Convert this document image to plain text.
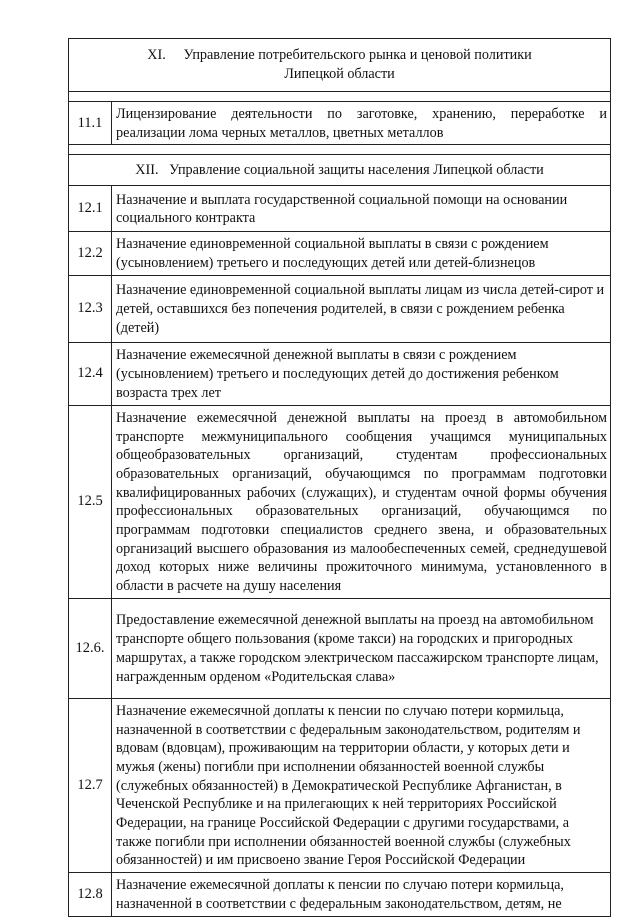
XI.     Управление потребительского рынка и ценовой политики
Липецкой области	

11.1	Лицензирование деятельности по заготовке, хранению, переработке и реализации лома черных металлов, цветных металлов

XII.   Управление социальной защиты населения Липецкой области	
12.1	Назначение и выплата государственной социальной помощи на основании социального контракта
12.2	Назначение единовременной социальной выплаты в связи с рождением (усыновлением) третьего и последующих детей или детей-близнецов
12.3	Назначение единовременной социальной выплаты лицам из числа детей-сирот и детей, оставшихся без попечения родителей, в связи с рождением ребенка (детей)
12.4	Назначение ежемесячной денежной выплаты в связи с рождением (усыновлением) третьего и последующих детей до достижения ребенком возраста трех лет
12.5	Назначение ежемесячной денежной выплаты на проезд в автомобильном транспорте межмуниципального сообщения учащимся муниципальных общеобразовательных организаций, студентам профессиональных образовательных организаций, обучающимся по программам подготовки квалифицированных рабочих (служащих), и студентам очной формы обучения профессиональных образовательных организаций, обучающимся по программам подготовки специалистов среднего звена, и образовательных организаций высшего образования из малообеспеченных семей, среднедушевой доход которых ниже величины прожиточного минимума, установленного в области в расчете на душу населения
12.6.	Предоставление ежемесячной денежной выплаты на проезд на автомобильном транспорте общего пользования (кроме такси) на городских и пригородных маршрутах, а также городском электрическом пассажирском транспорте лицам, награжденным орденом «Родительская слава»
12.7	Назначение ежемесячной доплаты к пенсии по случаю потери кормильца, назначенной в соответствии с федеральным законодательством, родителям и вдовам (вдовцам), проживающим на территории области, у которых дети и мужья (жены) погибли при исполнении обязанностей военной службы (служебных обязанностей) в Демократической Республике Афганистан, в Чеченской Республике и на прилегающих к ней территориях Российской Федерации, на границе Российской Федерации с другими государствами, а также погибли при исполнении обязанностей военной службы (служебных обязанностей) и им присвоено звание Героя Российской Федерации
12.8	Назначение ежемесячной доплаты к пенсии по случаю потери кормильца, назначенной в соответствии с федеральным законодательством, детям, не
